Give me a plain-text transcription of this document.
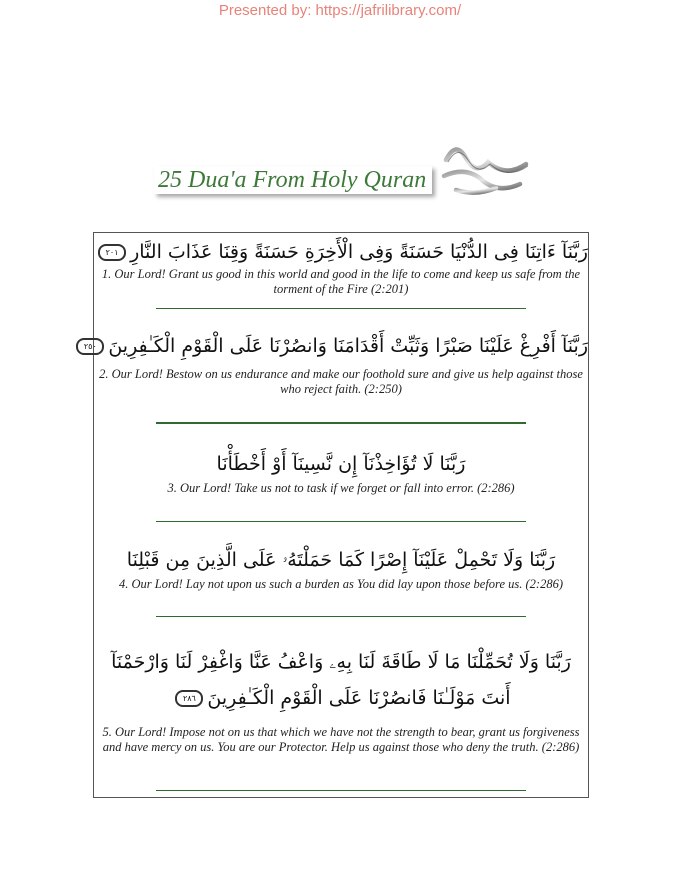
Presented by: https://jafrilibrary.com/
25 Dua'a From Holy Quran
رَبَّنَآ ءَاتِنَا فِى الدُّنْيَا حَسَنَةً وَفِى الْأَخِرَةِ حَسَنَةً وَقِنَا عَذَابَ النَّارِ٢٠١
1. Our Lord! Grant us good in this world and good in the life to come and keep us safe from the torment of the Fire (2:201)
رَبَّنَآ أَفْرِغْ عَلَيْنَا صَبْرًا وَثَبِّتْ أَقْدَامَنَا وَانصُرْنَا عَلَى الْقَوْمِ الْكَـٰفِرِينَ٢٥٠
2. Our Lord! Bestow on us endurance and make our foothold sure and give us help against those who reject faith. (2:250)
رَبَّنَا لَا تُؤَاخِذْنَآ إِن نَّسِينَآ أَوْ أَخْطَأْنَا
3. Our Lord! Take us not to task if we forget or fall into error. (2:286)
رَبَّنَا وَلَا تَحْمِلْ عَلَيْنَآ إِصْرًا كَمَا حَمَلْتَهُۥ عَلَى الَّذِينَ مِن قَبْلِنَا
4. Our Lord! Lay not upon us such a burden as You did lay upon those before us. (2:286)
رَبَّنَا وَلَا تُحَمِّلْنَا مَا لَا طَاقَةَ لَنَا بِهِۦ وَاعْفُ عَنَّا وَاغْفِرْ لَنَا وَارْحَمْنَآ
أَنتَ مَوْلَـٰنَا فَانصُرْنَا عَلَى الْقَوْمِ الْكَـٰفِرِينَ٢٨٦
5. Our Lord! Impose not on us that which we have not the strength to bear, grant us forgiveness and have mercy on us. You are our Protector. Help us against those who deny the truth. (2:286)
